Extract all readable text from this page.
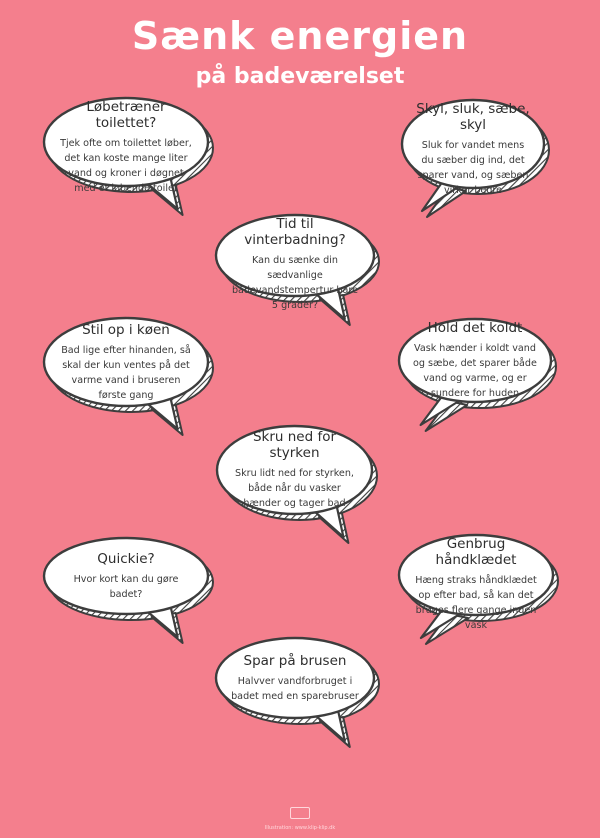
Sænk energien
på badeværelset
Løbetræner toilettet?
Tjek ofte om toilettet løber, det kan koste mange liter vand og kroner i døgnet med et løbende toilet
Skyl, sluk, sæbe, skyl
Sluk for vandet mens du sæber dig ind, det sparer vand, og sæben virker bedre
Tid til vinterbadning?
Kan du sænke din sædvanlige badevandstempertur bare 5 grader?
Stil op i køen
Bad lige efter hinanden, så skal der kun ventes på det varme vand i bruseren første gang
Hold det koldt
Vask hænder i koldt vand og sæbe, det sparer både vand og varme, og er sundere for huden
Skru ned for styrken
Skru lidt ned for styrken, både når du vasker hænder og tager bad
Quickie?
Hvor kort kan du gøre badet?
Genbrug håndklædet
Hæng straks håndklædet op efter bad, så kan det bruges flere gange inden vask
Spar på brusen
Halvver vandforbruget i badet med en sparebruser
Illustration: www.klip-klip.dk
